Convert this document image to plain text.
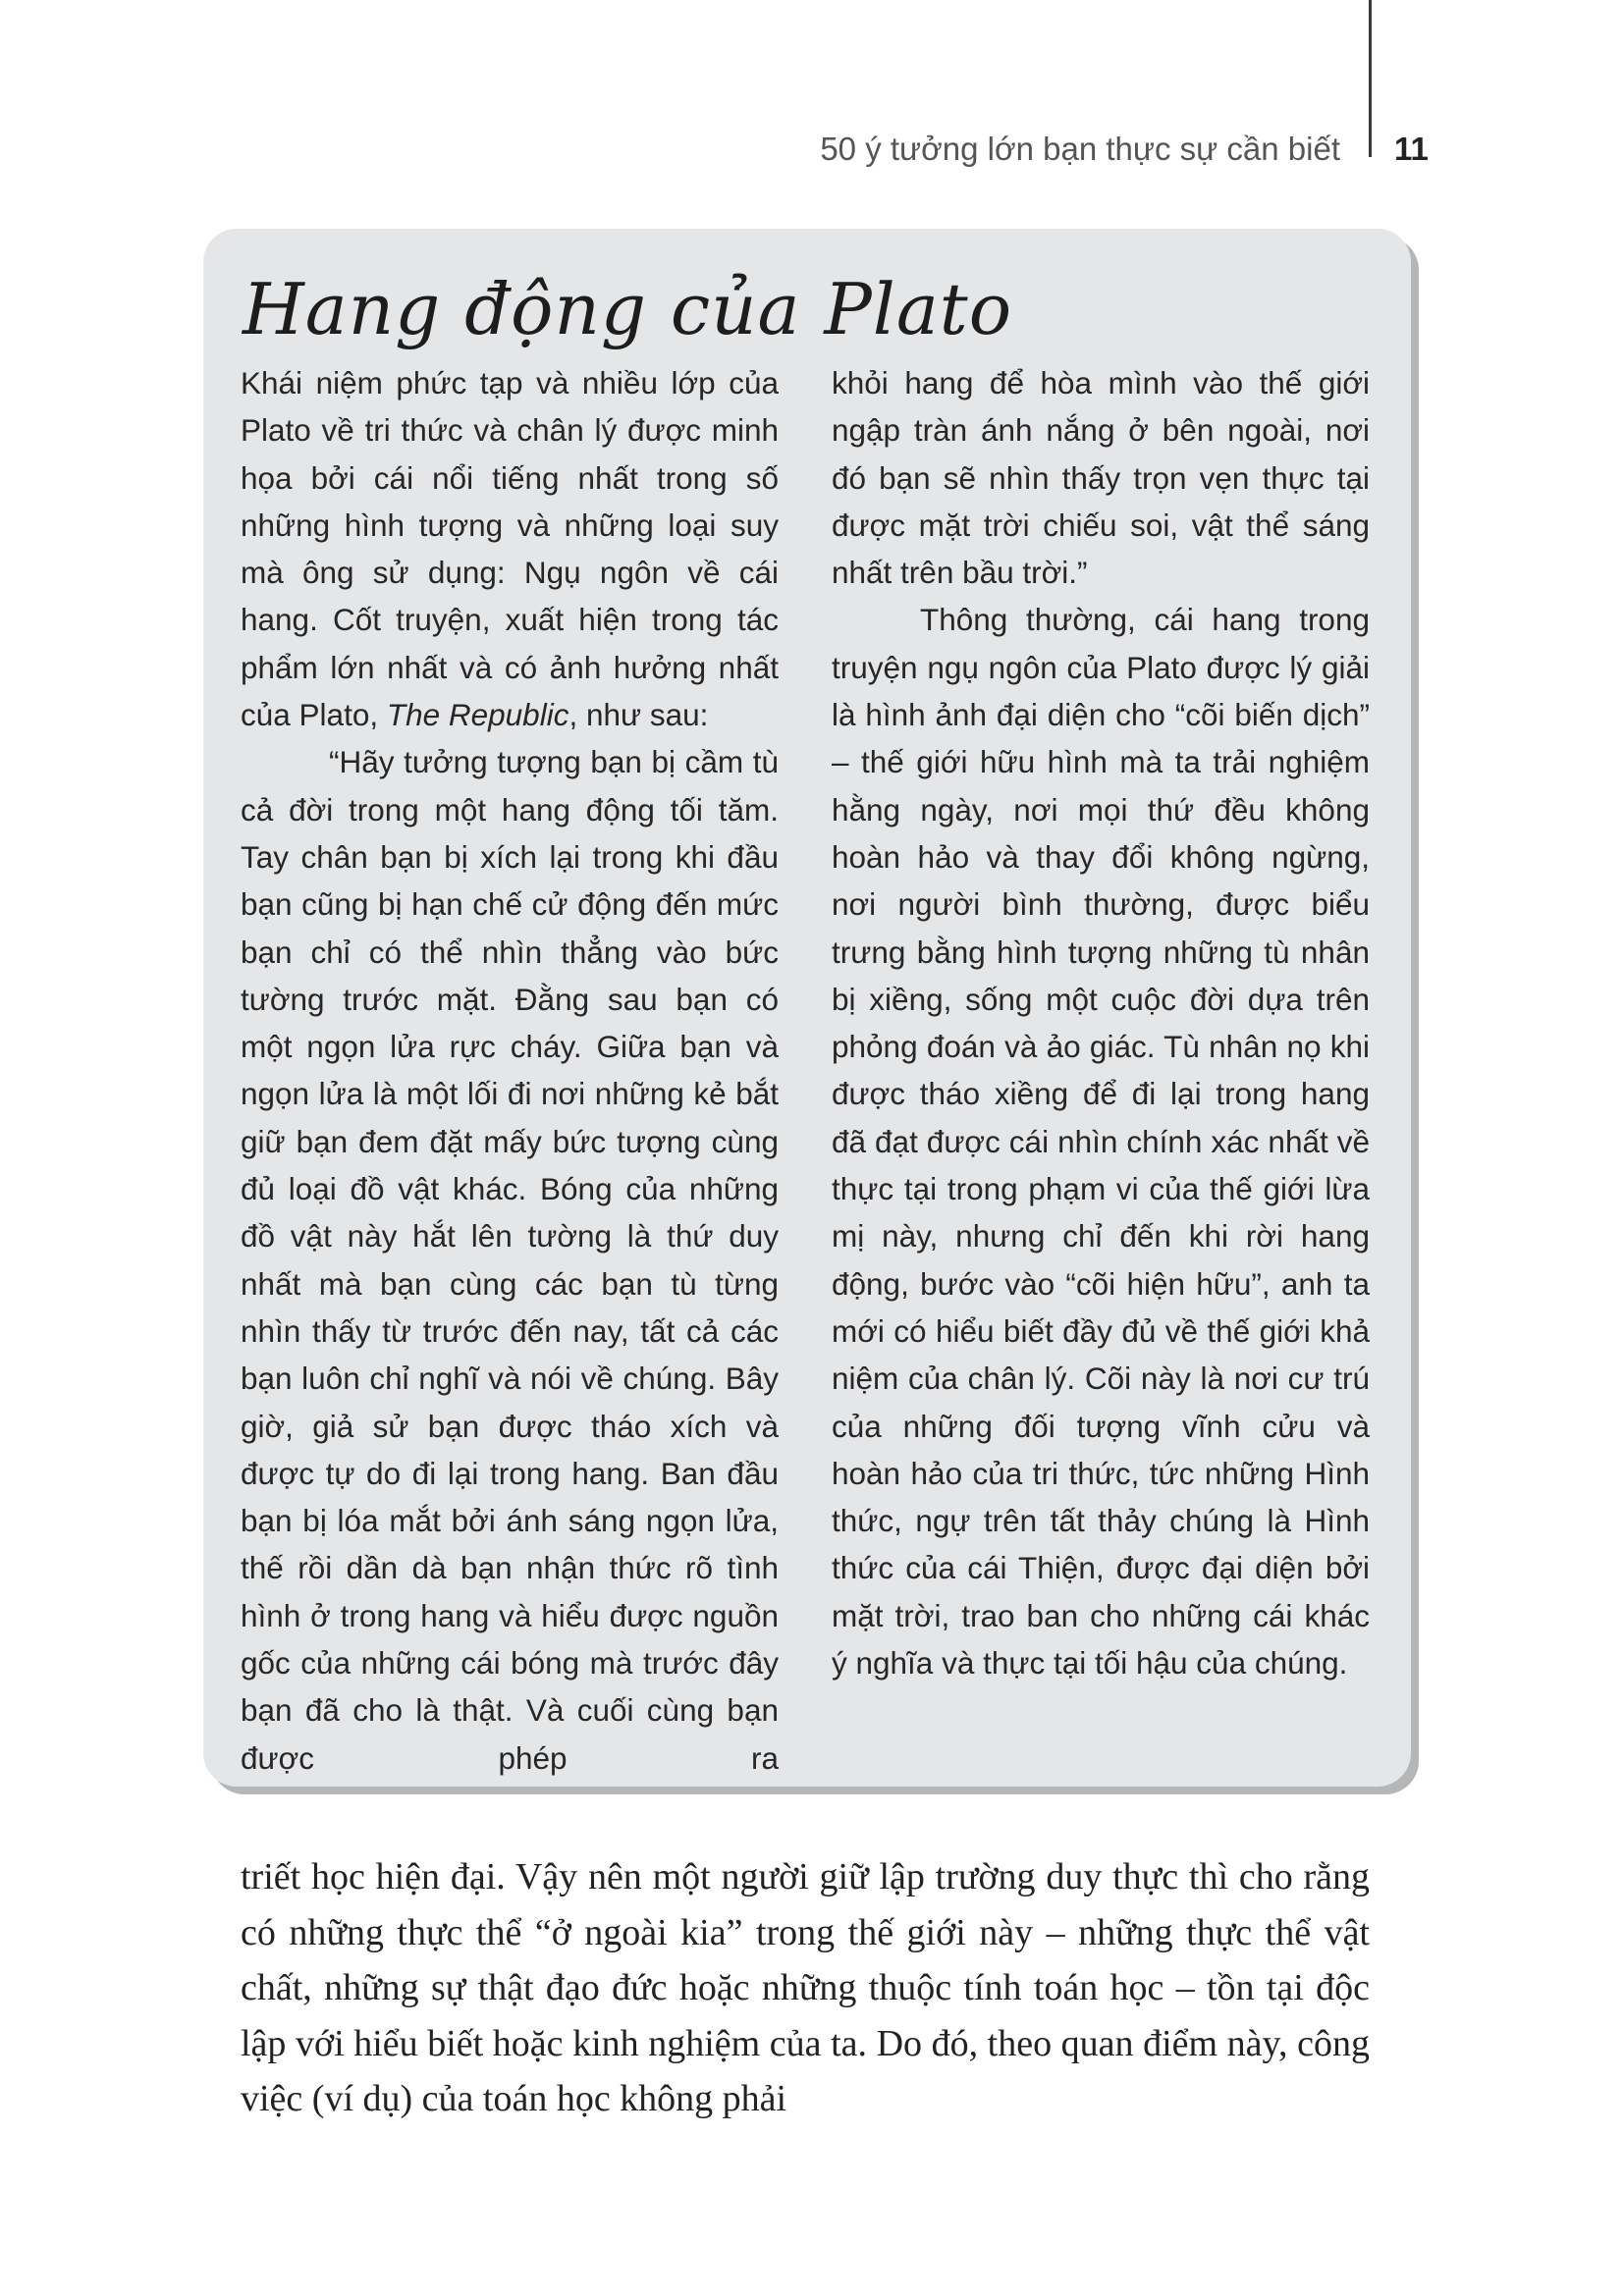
50 ý tưởng lớn bạn thực sự cần biết 11
Hang động của Plato

Khái niệm phức tạp và nhiều lớp của Plato về tri thức và chân lý được minh họa bởi cái nổi tiếng nhất trong số những hình tượng và những loại suy mà ông sử dụng: Ngụ ngôn về cái hang. Cốt truyện, xuất hiện trong tác phẩm lớn nhất và có ảnh hưởng nhất của Plato, The Republic, như sau:

“Hãy tưởng tượng bạn bị cầm tù cả đời trong một hang động tối tăm. Tay chân bạn bị xích lại trong khi đầu bạn cũng bị hạn chế cử động đến mức bạn chỉ có thể nhìn thẳng vào bức tường trước mặt. Đằng sau bạn có một ngọn lửa rực cháy. Giữa bạn và ngọn lửa là một lối đi nơi những kẻ bắt giữ bạn đem đặt mấy bức tượng cùng đủ loại đồ vật khác. Bóng của những đồ vật này hắt lên tường là thứ duy nhất mà bạn cùng các bạn tù từng nhìn thấy từ trước đến nay, tất cả các bạn luôn chỉ nghĩ và nói về chúng. Bây giờ, giả sử bạn được tháo xích và được tự do đi lại trong hang. Ban đầu bạn bị lóa mắt bởi ánh sáng ngọn lửa, thế rồi dần dà bạn nhận thức rõ tình hình ở trong hang và hiểu được nguồn gốc của những cái bóng mà trước đây bạn đã cho là thật. Và cuối cùng bạn được phép ra

khỏi hang để hòa mình vào thế giới ngập tràn ánh nắng ở bên ngoài, nơi đó bạn sẽ nhìn thấy trọn vẹn thực tại được mặt trời chiếu soi, vật thể sáng nhất trên bầu trời.”

Thông thường, cái hang trong truyện ngụ ngôn của Plato được lý giải là hình ảnh đại diện cho “cõi biến dịch” – thế giới hữu hình mà ta trải nghiệm hằng ngày, nơi mọi thứ đều không hoàn hảo và thay đổi không ngừng, nơi người bình thường, được biểu trưng bằng hình tượng những tù nhân bị xiềng, sống một cuộc đời dựa trên phỏng đoán và ảo giác. Tù nhân nọ khi được tháo xiềng để đi lại trong hang đã đạt được cái nhìn chính xác nhất về thực tại trong phạm vi của thế giới lừa mị này, nhưng chỉ đến khi rời hang động, bước vào “cõi hiện hữu”, anh ta mới có hiểu biết đầy đủ về thế giới khả niệm của chân lý. Cõi này là nơi cư trú của những đối tượng vĩnh cửu và hoàn hảo của tri thức, tức những Hình thức, ngự trên tất thảy chúng là Hình thức của cái Thiện, được đại diện bởi mặt trời, trao ban cho những cái khác ý nghĩa và thực tại tối hậu của chúng.

triết học hiện đại. Vậy nên một người giữ lập trường duy thực thì cho rằng có những thực thể “ở ngoài kia” trong thế giới này – những thực thể vật chất, những sự thật đạo đức hoặc những thuộc tính toán học – tồn tại độc lập với hiểu biết hoặc kinh nghiệm của ta. Do đó, theo quan điểm này, công việc (ví dụ) của toán học không phải
